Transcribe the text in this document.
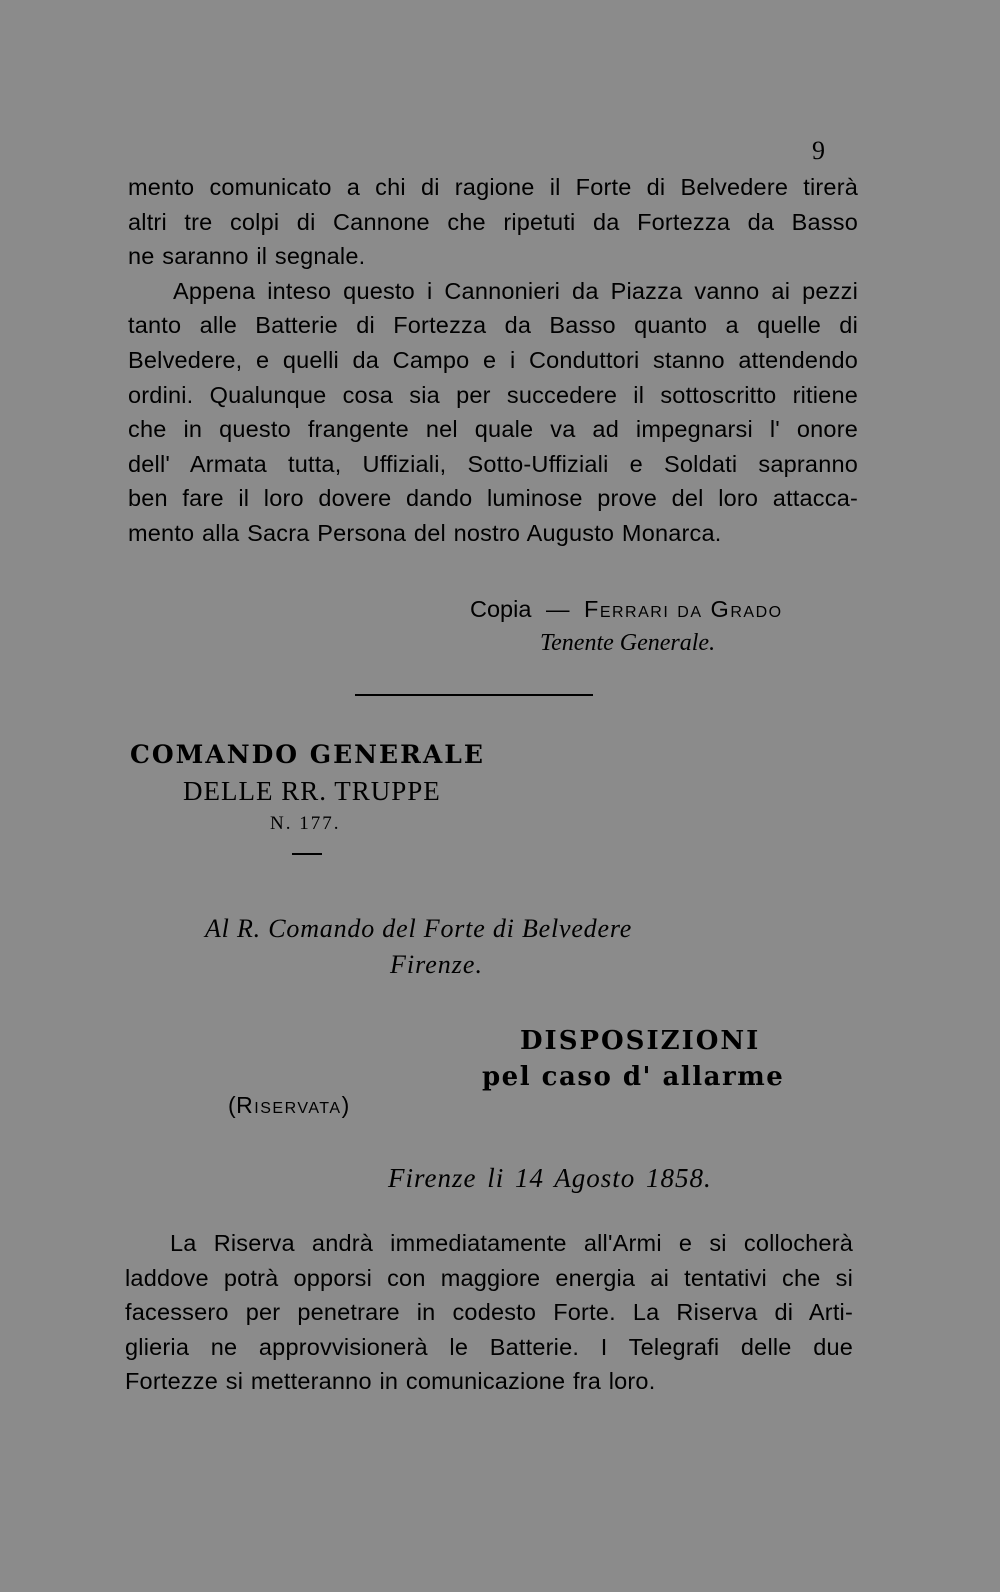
9
mento comunicato a chi di ragione il Forte di Belvedere tirerà
altri tre colpi di Cannone che ripetuti da Fortezza da Basso
ne saranno il segnale.
Appena inteso questo i Cannonieri da Piazza vanno ai pezzi
tanto alle Batterie di Fortezza da Basso quanto a quelle di
Belvedere, e quelli da Campo e i Conduttori stanno attendendo
ordini. Qualunque cosa sia per succedere il sottoscritto ritiene
che in questo frangente nel quale va ad impegnarsi l' onore
dell' Armata tutta, Uffiziali, Sotto-Uffiziali e Soldati sapranno
ben fare il loro dovere dando luminose prove del loro attacca-
mento alla Sacra Persona del nostro Augusto Monarca.
Copia — Ferrari da Grado
Tenente Generale.
COMANDO GENERALE
DELLE RR. TRUPPE
N. 177.
Al R. Comando del Forte di Belvedere
Firenze.
DISPOSIZIONI
pel caso d' allarme
(Riservata)
Firenze li 14 Agosto 1858.
La Riserva andrà immediatamente all'Armi e si collocherà
laddove potrà opporsi con maggiore energia ai tentativi che si
facessero per penetrare in codesto Forte. La Riserva di Arti-
glieria ne approvvisionerà le Batterie. I Telegrafi delle due
Fortezze si metteranno in comunicazione fra loro.
